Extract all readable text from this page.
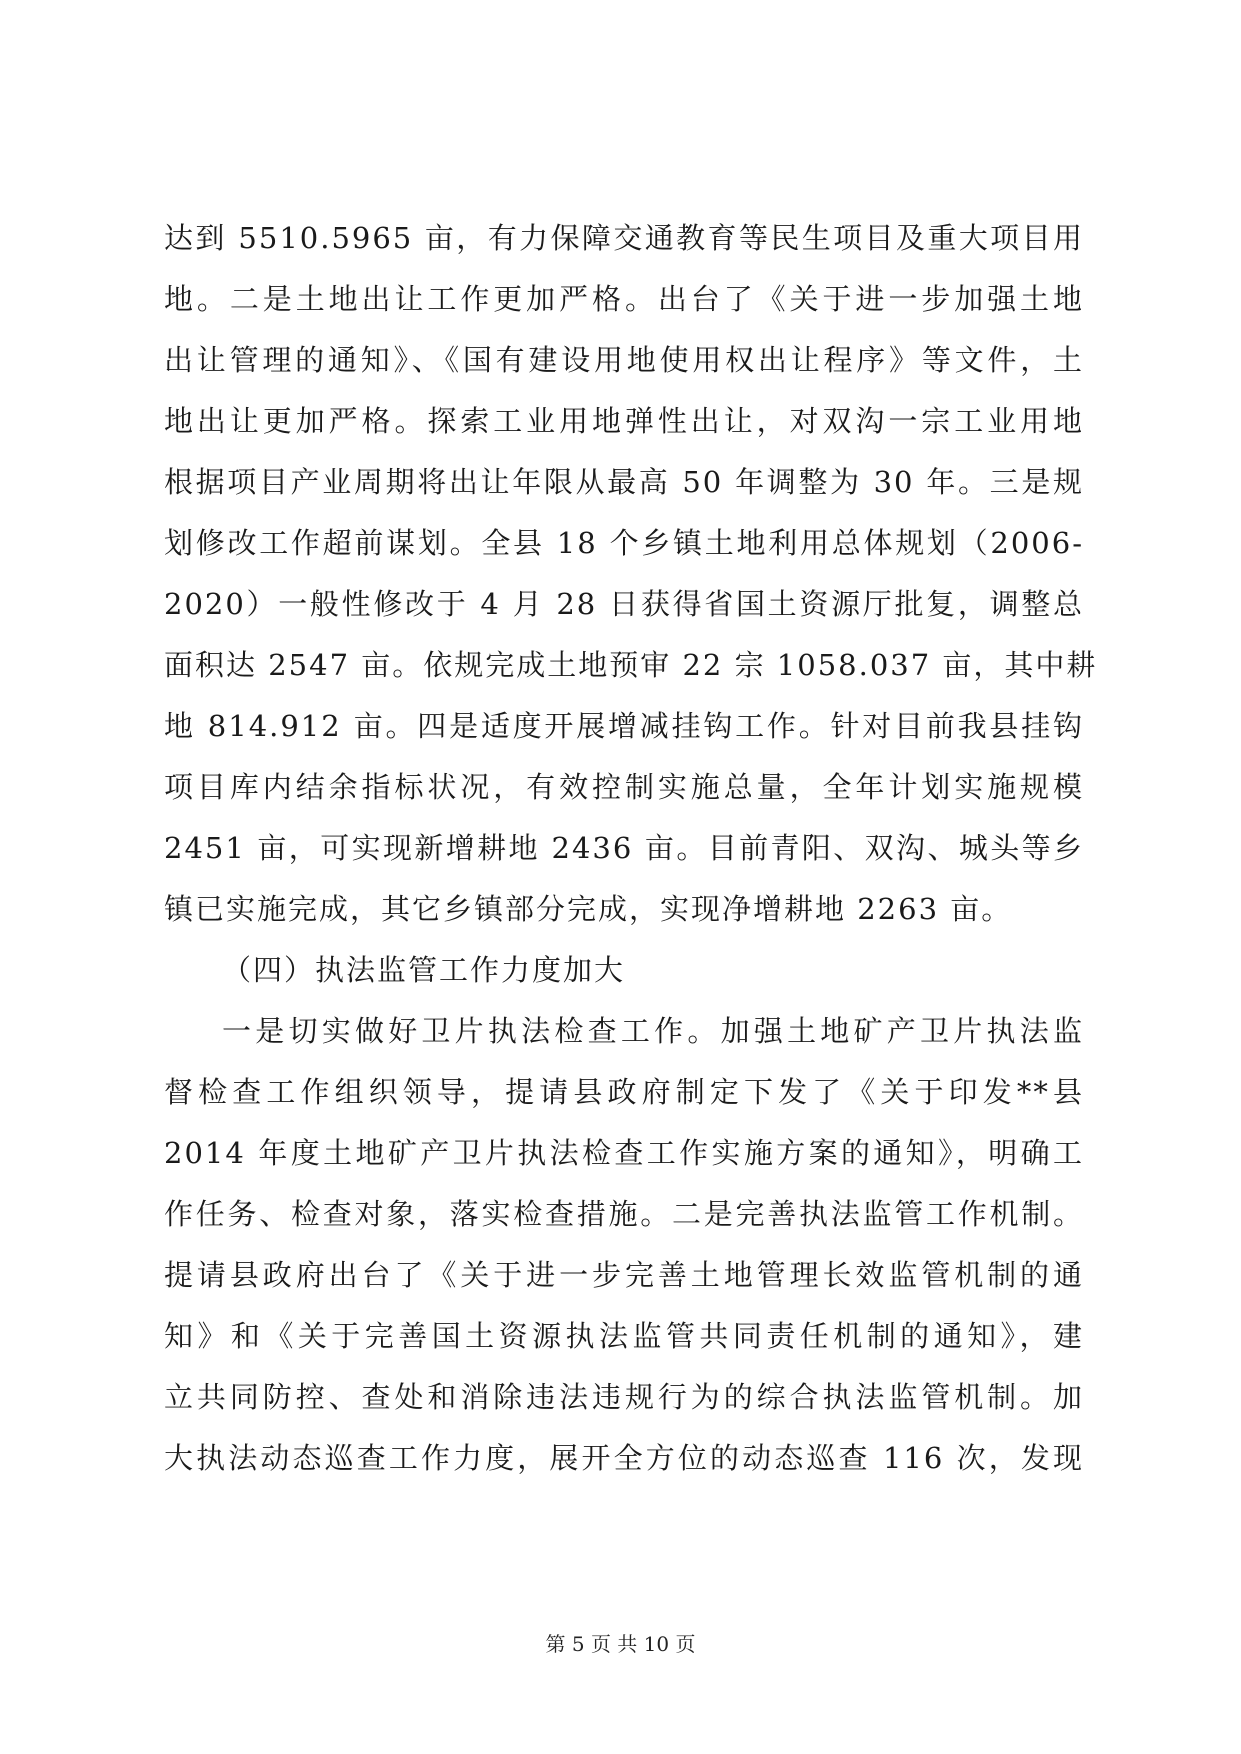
达到 5510.5965 亩，有力保障交通教育等民生项目及重大项目用
地。二是土地出让工作更加严格。出台了《关于进一步加强土地
出让管理的通知》、《国有建设用地使用权出让程序》等文件，土
地出让更加严格。探索工业用地弹性出让，对双沟一宗工业用地
根据项目产业周期将出让年限从最高 50 年调整为 30 年。三是规
划修改工作超前谋划。全县 18 个乡镇土地利用总体规划（2006-
2020）一般性修改于 4 月 28 日获得省国土资源厅批复，调整总
面积达 2547 亩。依规完成土地预审 22 宗 1058.037 亩，其中耕
地 814.912 亩。四是适度开展增减挂钩工作。针对目前我县挂钩
项目库内结余指标状况，有效控制实施总量，全年计划实施规模
2451 亩，可实现新增耕地 2436 亩。目前青阳、双沟、城头等乡
镇已实施完成，其它乡镇部分完成，实现净增耕地 2263 亩。
（四）执法监管工作力度加大
一是切实做好卫片执法检查工作。加强土地矿产卫片执法监
督检查工作组织领导，提请县政府制定下发了《关于印发**县
2014 年度土地矿产卫片执法检查工作实施方案的通知》，明确工
作任务、检查对象，落实检查措施。二是完善执法监管工作机制。
提请县政府出台了《关于进一步完善土地管理长效监管机制的通
知》和《关于完善国土资源执法监管共同责任机制的通知》，建
立共同防控、查处和消除违法违规行为的综合执法监管机制。加
大执法动态巡查工作力度，展开全方位的动态巡查 116 次，发现
第 5 页 共 10 页
